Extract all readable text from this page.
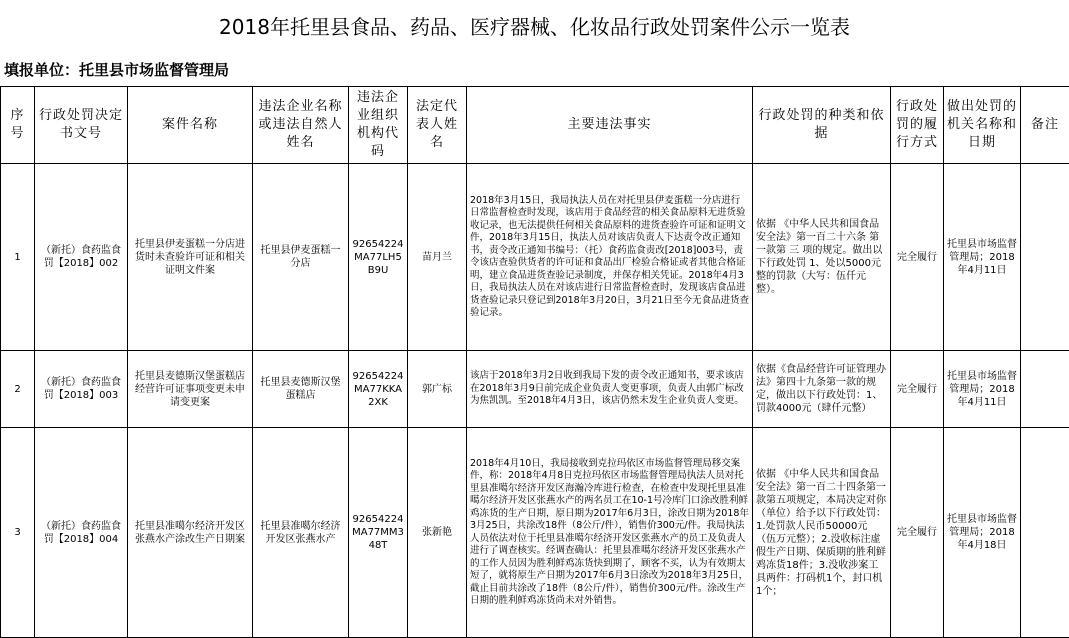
2018年托里县食品、药品、医疗器械、化妆品行政处罚案件公示一览表
填报单位：托里县市场监督管理局
序号	行政处罚决定书文号	案件名称	违法企业名称或违法自然人姓名	违法企业组织机构代码	法定代表人姓名	主要违法事实	行政处罚的种类和依据	行政处罚的履行方式	做出处罚的机关名称和日期	备注
1	（新托）食药监食罚【2018】002	托里县伊麦蛋糕一分店进货时未查验许可证和相关证明文件案	托里县伊麦蛋糕一分店	92654224MA77LH5B9U	苗月兰	2018年3月15日，我局执法人员在对托里县伊麦蛋糕一分店进行日常监督检查时发现，该店用于食品经营的相关食品原料无进货验收记录，也无法提供任何相关食品原料的进货查验许可证和证明文件，2018年3月15日，执法人员对该店负责人下达责令改正通知书，责令改正通知书编号：（托）食药监食责改[2018]003号，责令该店查验供货者的许可证和食品出厂检验合格证或者其他合格证明，建立食品进货查验记录制度，并保存相关凭证。2018年4月3日，我局执法人员在对该店进行日常监督检查时，发现该店食品进货查验记录只登记到2018年3月20日，3月21日至今无食品进货查验记录。	依据 《中华人民共和国食品安全法》第一百二十六条 第 一款第 三 项的规定。做出以下行政处罚 1、处以5000元整的罚款（大写：伍仟元整）。	完全履行	托里县市场监督管理局；2018年4月11日	
2	（新托）食药监食罚【2018】003	托里县麦德斯汉堡蛋糕店经营许可证事项变更未申请变更案	托里县麦德斯汉堡蛋糕店	92654224MA77KKA2XK	郭广标	该店于2018年3月2日收到我局下发的责令改正通知书，要求该店在2018年3月9日前完成企业负责人变更事项，负责人由郭广标改为焦凯凯。至2018年4月3日，该店仍然未发生企业负责人变更。	依据《食品经营许可证管理办法》第四十九条第一款的规定，做出以下行政处罚：1、罚款4000元（肆仟元整）	完全履行	托里县市场监督管理局；2018年4月11日	
3	（新托）食药监食罚【2018】004	托里县准噶尔经济开发区张燕水产涂改生产日期案	托里县准噶尔经济开发区张燕水产	92654224MA77MM348T	张新艳	2018年4月10日，我局接收到克拉玛依区市场监督管理局移交案件，称：2018年4月8日克拉玛依区市场监督管理局执法人员对托里县准噶尔经济开发区海瀚冷库进行检查，在检查中发现托里县准噶尔经济开发区张燕水产的两名员工在10-1号冷库门口涂改胜利鲜鸡冻货的生产日期，原日期为2017年6月3日，涂改日期为2018年3月25日，共涂改18件（8公斤/件），销售价300元/件。我局执法人员依法对位于托里县准噶尔经济开发区张燕水产的员工及负责人进行了调查核实。经调查确认：托里县准噶尔经济开发区张燕水产的工作人员因为胜利鲜鸡冻货快到期了，顾客不买，认为有效期太短了，就将原生产日期为2017年6月3日涂改为2018年3月25日，截止目前共涂改了18件（8公斤/件），销售价300元/件。涂改生产日期的胜利鲜鸡冻货尚未对外销售。	依据 《中华人民共和国食品安全法》第一百二十四条第一款第五项规定，本局决定对你（单位）给予以下行政处罚：1.处罚款人民币50000元（伍万元整）；2.没收标注虚假生产日期、保质期的胜利鲜鸡冻货18件；3.没收涉案工具两件：打码机1个，封口机1个；	完全履行	托里县市场监督管理局；2018年4月18日	
